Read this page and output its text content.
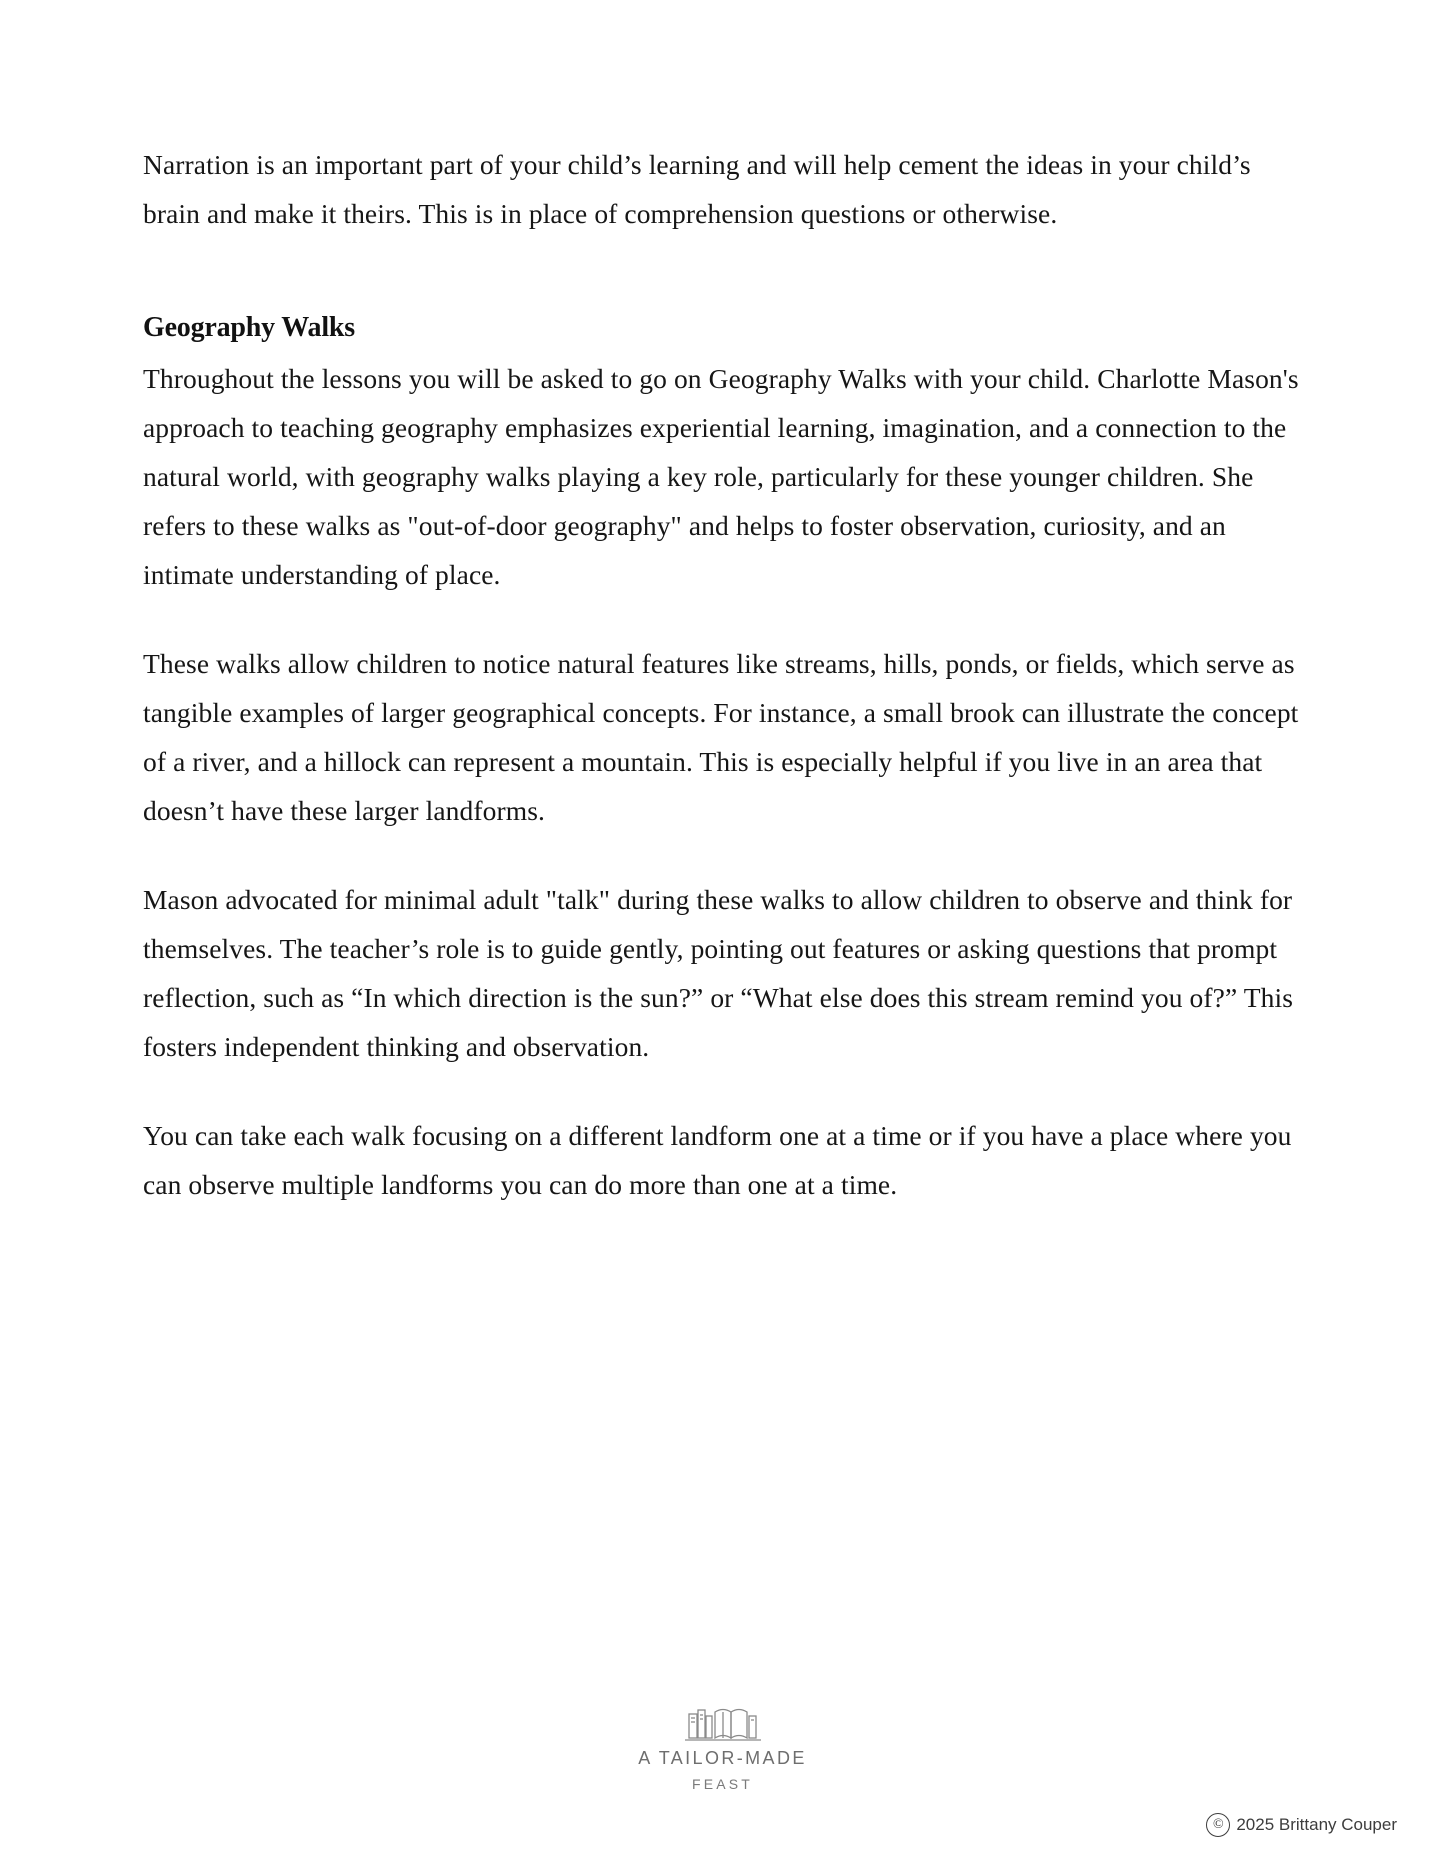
Narration is an important part of your child’s learning and will help cement the ideas in your child’s brain and make it theirs. This is in place of comprehension questions or otherwise.

Geography Walks

Throughout the lessons you will be asked to go on Geography Walks with your child. Charlotte Mason's approach to teaching geography emphasizes experiential learning, imagination, and a connection to the natural world, with geography walks playing a key role, particularly for these younger children. She refers to these walks as "out-of-door geography" and helps to foster observation, curiosity, and an intimate understanding of place.

These walks allow children to notice natural features like streams, hills, ponds, or fields, which serve as tangible examples of larger geographical concepts. For instance, a small brook can illustrate the concept of a river, and a hillock can represent a mountain. This is especially helpful if you live in an area that doesn’t have these larger landforms.

Mason advocated for minimal adult "talk" during these walks to allow children to observe and think for themselves. The teacher’s role is to guide gently, pointing out features or asking questions that prompt reflection, such as “In which direction is the sun?” or “What else does this stream remind you of?” This fosters independent thinking and observation.

You can take each walk focusing on a different landform one at a time or if you have a place where you can observe multiple landforms you can do more than one at a time.

A TAILOR-MADE
FEAST
© 2025 Brittany Couper
